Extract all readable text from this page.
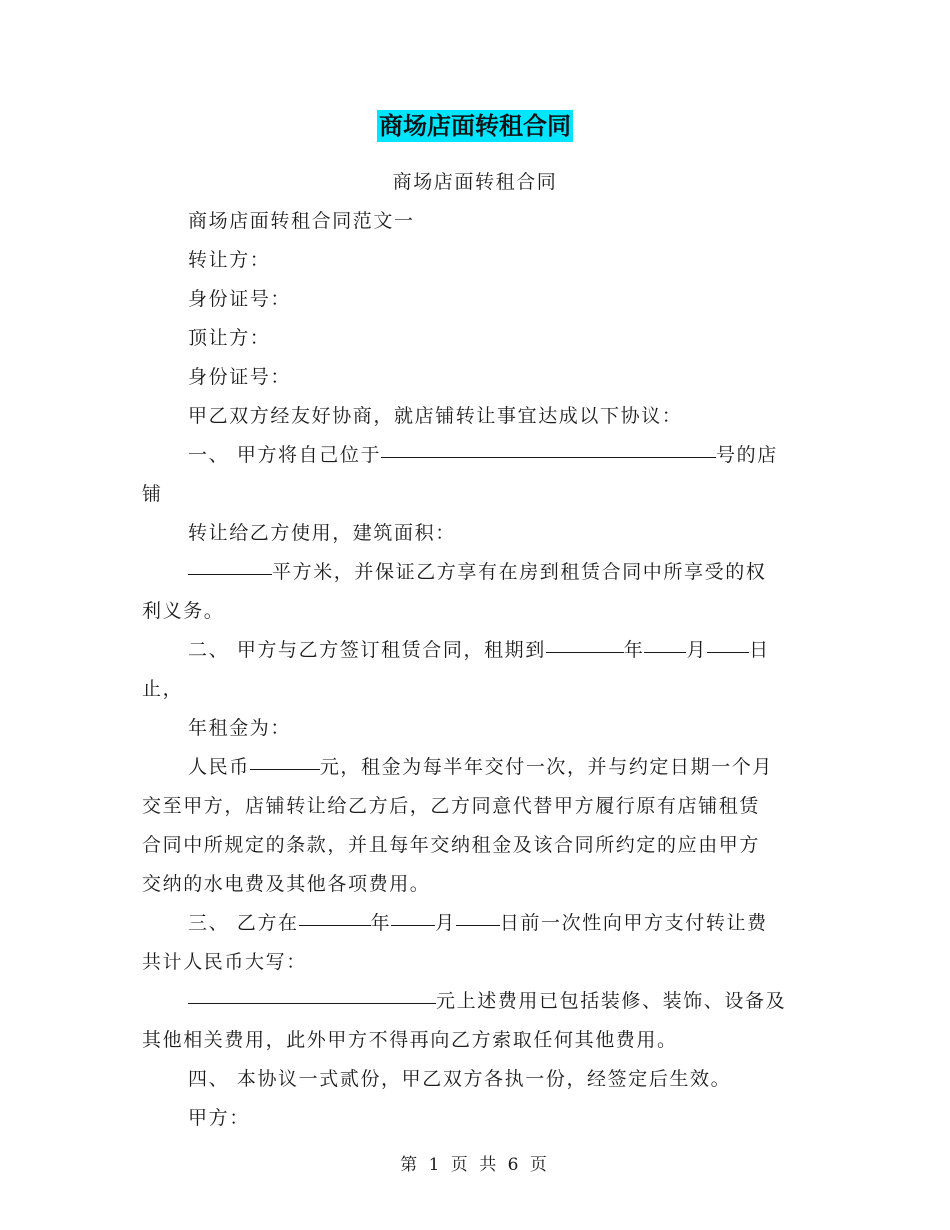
商场店面转租合同
商场店面转租合同
商场店面转租合同范文一
转让方：
身份证号：
顶让方：
身份证号：
甲乙双方经友好协商，就店铺转让事宜达成以下协议：
一、 甲方将自己位于	号的店
铺
转让给乙方使用，建筑面积：
平方米，并保证乙方享有在房到租赁合同中所享受的权
利义务。
二、 甲方与乙方签订租赁合同，租期到	年 月 日
止，
年租金为：
人民币	元，租金为每半年交付一次，并与约定日期一个月
交至甲方，店铺转让给乙方后，乙方同意代替甲方履行原有店铺租赁
合同中所规定的条款，并且每年交纳租金及该合同所约定的应由甲方
交纳的水电费及其他各项费用。
三、 乙方在	年 月 日前一次性向甲方支付转让费
共计人民币大写：
元上述费用已包括装修、装饰、设备及
其他相关费用，此外甲方不得再向乙方索取任何其他费用。
四、 本协议一式贰份，甲乙双方各执一份，经签定后生效。
甲方：
第 1 页 共 6 页
